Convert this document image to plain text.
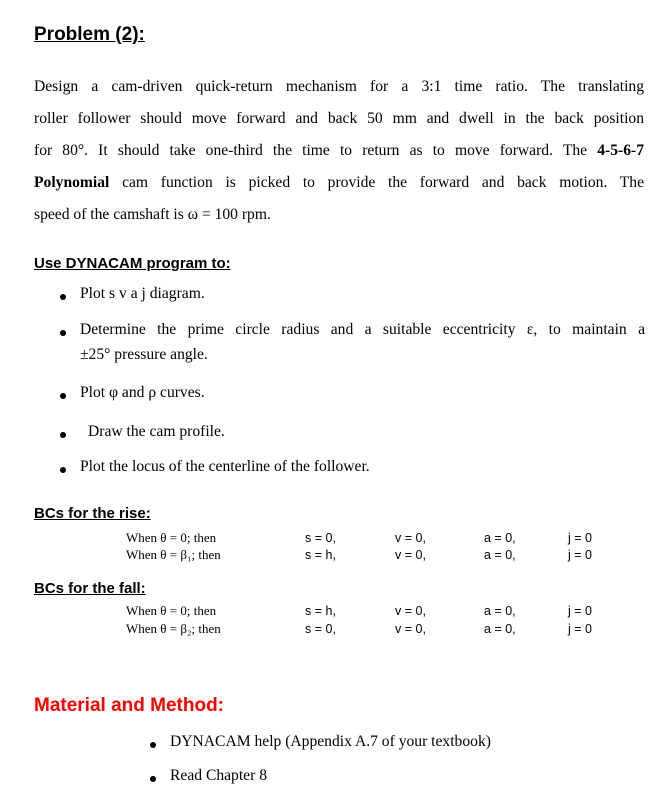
Problem (2):
Design a cam-driven quick-return mechanism for a 3:1 time ratio. The translating
roller follower should move forward and back 50 mm and dwell in the back position
for 80°. It should take one-third the time to return as to move forward. The 4-5-6-7
Polynomial cam function is picked to provide the forward and back motion. The
speed of the camshaft is ω = 100 rpm.
Use DYNACAM program to:
Plot s v a j diagram.
Determine the prime circle radius and a suitable eccentricity ε, to maintain a
±25° pressure angle.
Plot φ and ρ curves.
Draw the cam profile.
Plot the locus of the centerline of the follower.
BCs for the rise:
When θ = 0; then	s = 0,	v = 0,	a = 0,	j = 0
When θ = β₁; then	s = h,	v = 0,	a = 0,	j = 0
BCs for the fall:
When θ = 0; then	s = h,	v = 0,	a = 0,	j = 0
When θ = β₂; then	s = 0,	v = 0,	a = 0,	j = 0
Material and Method:
DYNACAM help (Appendix A.7 of your textbook)
Read Chapter 8
